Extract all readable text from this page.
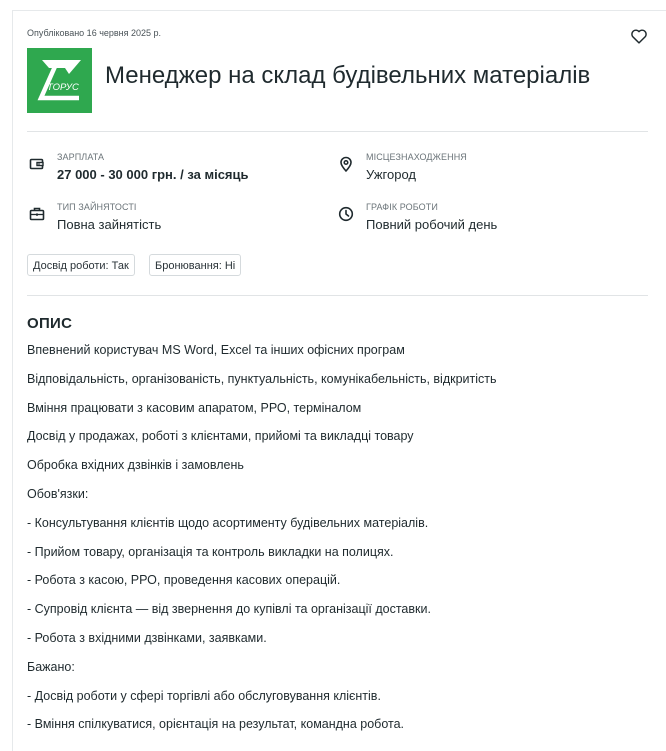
Опубліковано 16 червня 2025 р.
ТОРУС Менеджер на склад будівельних матеріалів
ЗАРПЛАТА
27 000 - 30 000 грн. / за місяць
МІСЦЕЗНАХОДЖЕННЯ
Ужгород
ТИП ЗАЙНЯТОСТІ
Повна зайнятість
ГРАФІК РОБОТИ
Повний робочий день
Досвід роботи: Так	Бронювання: Ні
ОПИС
Впевнений користувач MS Word, Excel та інших офісних програм
Відповідальність, організованість, пунктуальність, комунікабельність, відкритість
Вміння працювати з касовим апаратом, РРО, терміналом
Досвід у продажах, роботі з клієнтами, прийомі та викладці товару
Обробка вхідних дзвінків і замовлень
Обов'язки:
- Консультування клієнтів щодо асортименту будівельних матеріалів.
- Прийом товару, організація та контроль викладки на полицях.
- Робота з касою, РРО, проведення касових операцій.
- Супровід клієнта — від звернення до купівлі та організації доставки.
- Робота з вхідними дзвінками, заявками.
Бажано:
- Досвід роботи у сфері торгівлі або обслуговування клієнтів.
- Вміння спілкуватися, орієнтація на результат, командна робота.
